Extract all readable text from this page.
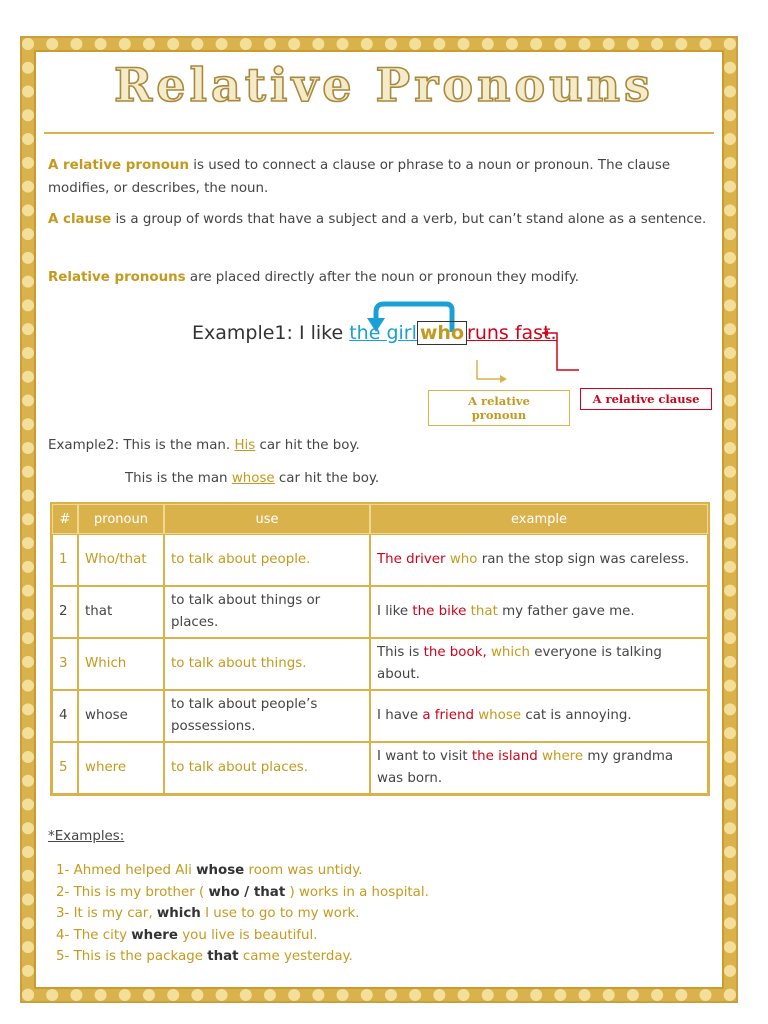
Relative Pronouns
A relative pronoun is used to connect a clause or phrase to a noun or pronoun. The clause modifies, or describes, the noun.
A clause is a group of words that have a subject and a verb, but can’t stand alone as a sentence.
Relative pronouns are placed directly after the noun or pronoun they modify.
Example1: I like the girl who runs fast.
A relative pronoun
A relative clause
Example2: This is the man. His car hit the boy.
This is the man whose car hit the boy.
#	pronoun	use	example
1	Who/that	to talk about people.	The driver who ran the stop sign was careless.
2	that	to talk about things or places.	I like the bike that my father gave me.
3	Which	to talk about things.	This is the book, which everyone is talking about.
4	whose	to talk about people’s possessions.	I have a friend whose cat is annoying.
5	where	to talk about places.	I want to visit the island where my grandma was born.
*Examples:
1- Ahmed helped Ali whose room was untidy.
2- This is my brother ( who / that ) works in a hospital.
3- It is my car, which I use to go to my work.
4- The city where you live is beautiful.
5- This is the package that came yesterday.
